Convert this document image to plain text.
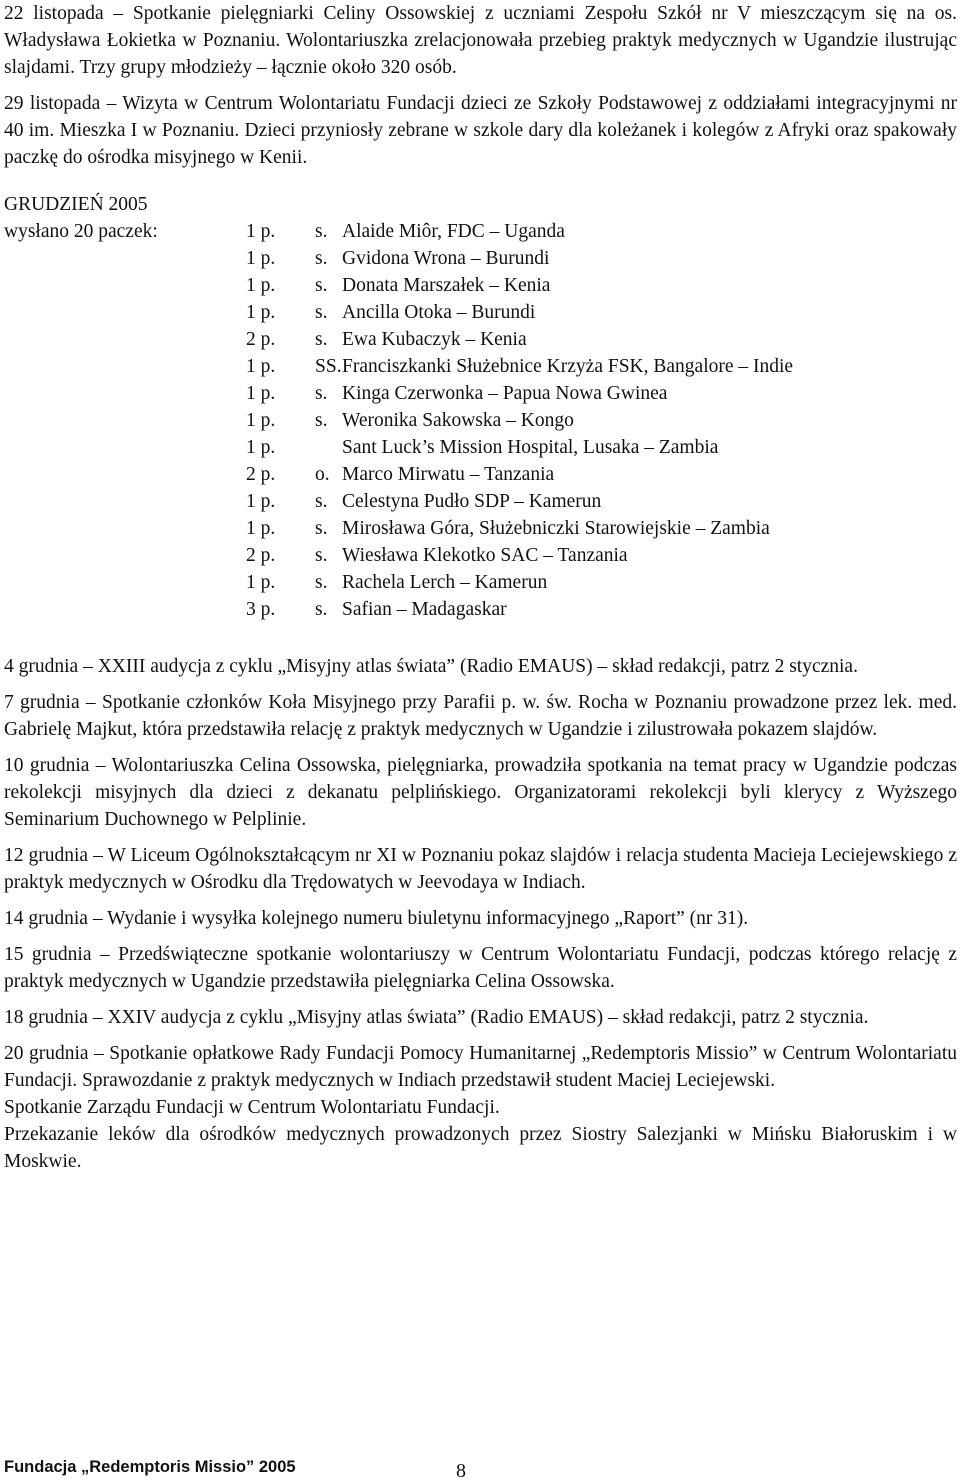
22 listopada – Spotkanie pielęgniarki Celiny Ossowskiej z uczniami Zespołu Szkół nr V mieszczącym się na os. Władysława Łokietka w Poznaniu. Wolontariuszka zrelacjonowała przebieg praktyk medycznych w Ugandzie ilustrując slajdami. Trzy grupy młodzieży – łącznie około 320 osób.

29 listopada – Wizyta w Centrum Wolontariatu Fundacji dzieci ze Szkoły Podstawowej z oddziałami integracyjnymi nr 40 im. Mieszka I w Poznaniu. Dzieci przyniosły zebrane w szkole dary dla koleżanek i kolegów z Afryki oraz spakowały paczkę do ośrodka misyjnego w Kenii.

GRUDZIEŃ 2005
wysłano 20 paczek:	1 p.	s. Alaide Miôr, FDC – Uganda
1 p.	s. Gvidona Wrona – Burundi
1 p.	s. Donata Marszałek – Kenia
1 p.	s. Ancilla Otoka – Burundi
2 p.	s. Ewa Kubaczyk – Kenia
1 p.	SS. Franciszkanki Służebnice Krzyża FSK, Bangalore – Indie
1 p.	s. Kinga Czerwonka – Papua Nowa Gwinea
1 p.	s. Weronika Sakowska – Kongo
1 p.	Sant Luck’s Mission Hospital, Lusaka – Zambia
2 p.	o. Marco Mirwatu – Tanzania
1 p.	s. Celestyna Pudło SDP – Kamerun
1 p.	s. Mirosława Góra, Służebniczki Starowiejskie – Zambia
2 p.	s. Wiesława Klekotko SAC – Tanzania
1 p.	s. Rachela Lerch – Kamerun
3 p.	s. Safian – Madagaskar

4 grudnia – XXIII audycja z cyklu „Misyjny atlas świata” (Radio EMAUS) – skład redakcji, patrz 2 stycznia.

7 grudnia – Spotkanie członków Koła Misyjnego przy Parafii p. w. św. Rocha w Poznaniu prowadzone przez lek. med. Gabrielę Majkut, która przedstawiła relację z praktyk medycznych w Ugandzie i zilustrowała pokazem slajdów.

10 grudnia – Wolontariuszka Celina Ossowska, pielęgniarka, prowadziła spotkania na temat pracy w Ugandzie podczas rekolekcji misyjnych dla dzieci z dekanatu pelplińskiego. Organizatorami rekolekcji byli klerycy z Wyższego Seminarium Duchownego w Pelplinie.

12 grudnia – W Liceum Ogólnokształcącym nr XI w Poznaniu pokaz slajdów i relacja studenta Macieja Leciejewskiego z praktyk medycznych w Ośrodku dla Trędowatych w Jeevodaya w Indiach.

14 grudnia – Wydanie i wysyłka kolejnego numeru biuletynu informacyjnego „Raport” (nr 31).

15 grudnia – Przedświąteczne spotkanie wolontariuszy w Centrum Wolontariatu Fundacji, podczas którego relację z praktyk medycznych w Ugandzie przedstawiła pielęgniarka Celina Ossowska.

18 grudnia – XXIV audycja z cyklu „Misyjny atlas świata” (Radio EMAUS) – skład redakcji, patrz 2 stycznia.

20 grudnia – Spotkanie opłatkowe Rady Fundacji Pomocy Humanitarnej „Redemptoris Missio” w Centrum Wolontariatu Fundacji. Sprawozdanie z praktyk medycznych w Indiach przedstawił student Maciej Leciejewski.

Spotkanie Zarządu Fundacji w Centrum Wolontariatu Fundacji.

Przekazanie leków dla ośrodków medycznych prowadzonych przez Siostry Salezjanki w Mińsku Białoruskim i w Moskwie.

Fundacja „Redemptoris Missio” 2005	8
